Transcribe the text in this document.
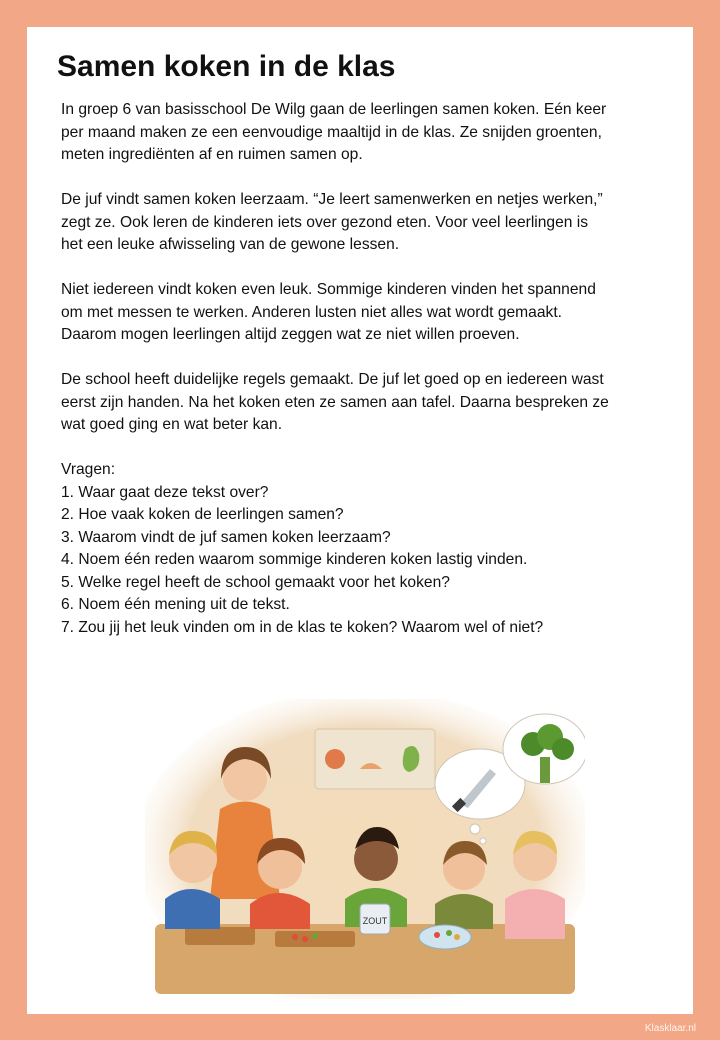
Samen koken in de klas

In groep 6 van basisschool De Wilg gaan de leerlingen samen koken. Eén keer
per maand maken ze een eenvoudige maaltijd in de klas. Ze snijden groenten,
meten ingrediënten af en ruimen samen op.

De juf vindt samen koken leerzaam. “Je leert samenwerken en netjes werken,”
zegt ze. Ook leren de kinderen iets over gezond eten. Voor veel leerlingen is
het een leuke afwisseling van de gewone lessen.

Niet iedereen vindt koken even leuk. Sommige kinderen vinden het spannend
om met messen te werken. Anderen lusten niet alles wat wordt gemaakt.
Daarom mogen leerlingen altijd zeggen wat ze niet willen proeven.

De school heeft duidelijke regels gemaakt. De juf let goed op en iedereen wast
eerst zijn handen. Na het koken eten ze samen aan tafel. Daarna bespreken ze
wat goed ging en wat beter kan.

Vragen:
1. Waar gaat deze tekst over?
2. Hoe vaak koken de leerlingen samen?
3. Waarom vindt de juf samen koken leerzaam?
4. Noem één reden waarom sommige kinderen koken lastig vinden.
5. Welke regel heeft de school gemaakt voor het koken?
6. Noem één mening uit de tekst.
7. Zou jij het leuk vinden om in de klas te koken? Waarom wel of niet?
ZOUT
Klasklaar.nl
